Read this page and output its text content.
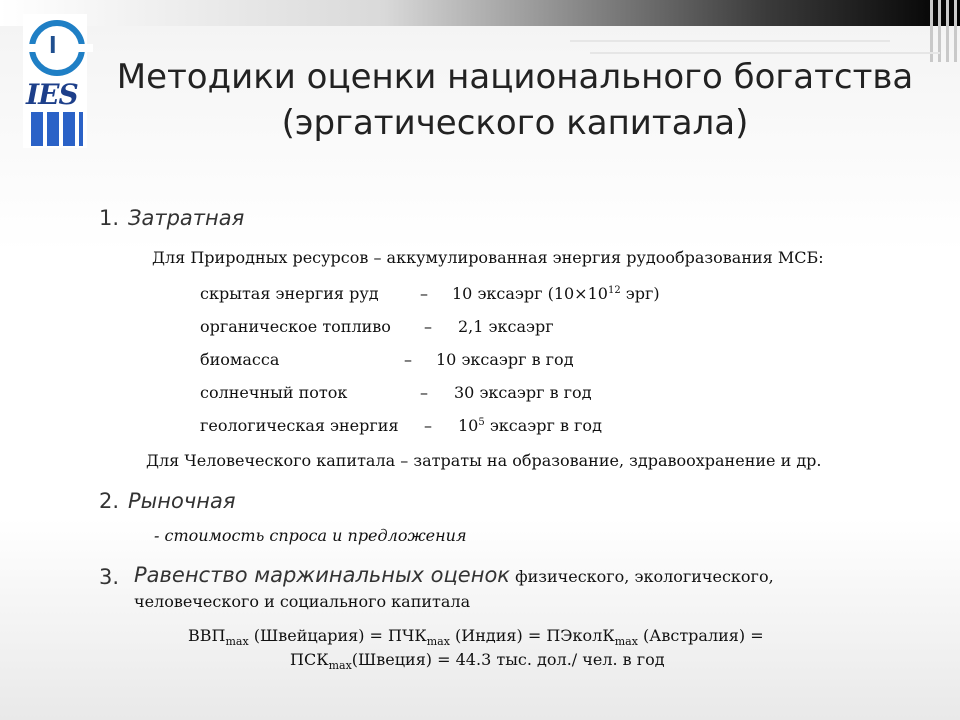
ⅼ
IES	Методики оценки национального богатства
(эргатического капитала)
1. Затратная
Для Природных ресурсов – аккумулированная энергия рудообразования МСБ:
скрытая энергия руд	– 10 эксаэрг ($10\times 10^{12}$ эрг)
органическое топливо – 2,1 эксаэрг
биомасса	– 10 эксаэрг в год
солнечный поток	– 30 эксаэрг в год
геологическая энергия – $10^5$ эксаэрг в год
Для Человеческого капитала – затраты на образование, здравоохранение и др.
2. Рыночная
- стоимость спроса и предложения
3. Равенство маржинальных оценок физического, экологического,
человеческого и социального капитала
$ВВП_{max}$ (Швейцария) = $ПЧК_{max}$ (Индия) = ПЭколК$_{max}$ (Австралия) =
$ПСК_{max}(Швеция) = 44.3$ тыс. дол./ чел. в год
